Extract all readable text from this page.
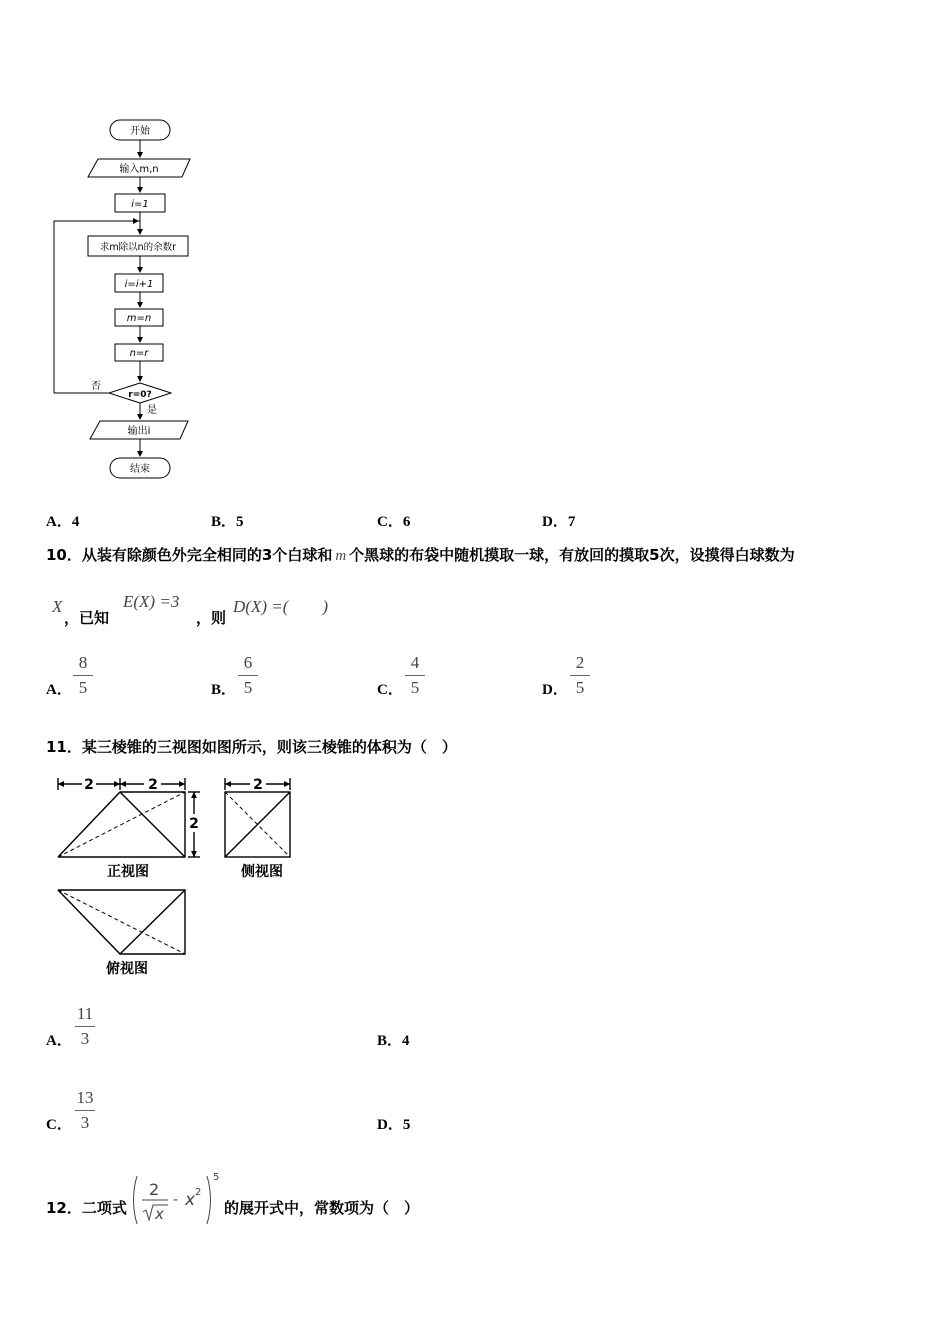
开始
输入m,n
i=1
求m除以n的余数r
i=i+1
m=n
n=r
r=0?
否
是
输出i
结束
A．4	B．5	C．6	D．7
10．从装有除颜色外完全相同的3个白球和 m 个黑球的布袋中随机摸取一球，有放回的摸取5次，设摸得白球数为
X
，已知
E(X) =3
，则
D(X) =(　　)
A．
8
5	B．
6
5	C．
4
5	D．
2
5
11．某三棱锥的三视图如图所示，则该三棱锥的体积为（　）
2	2
2
2
正视图	侧视图
俯视图
A．
11
3	B．4
C．
13
3	D．5
12．二项式
2
x
- x 2
5
的展开式中，常数项为（　）
